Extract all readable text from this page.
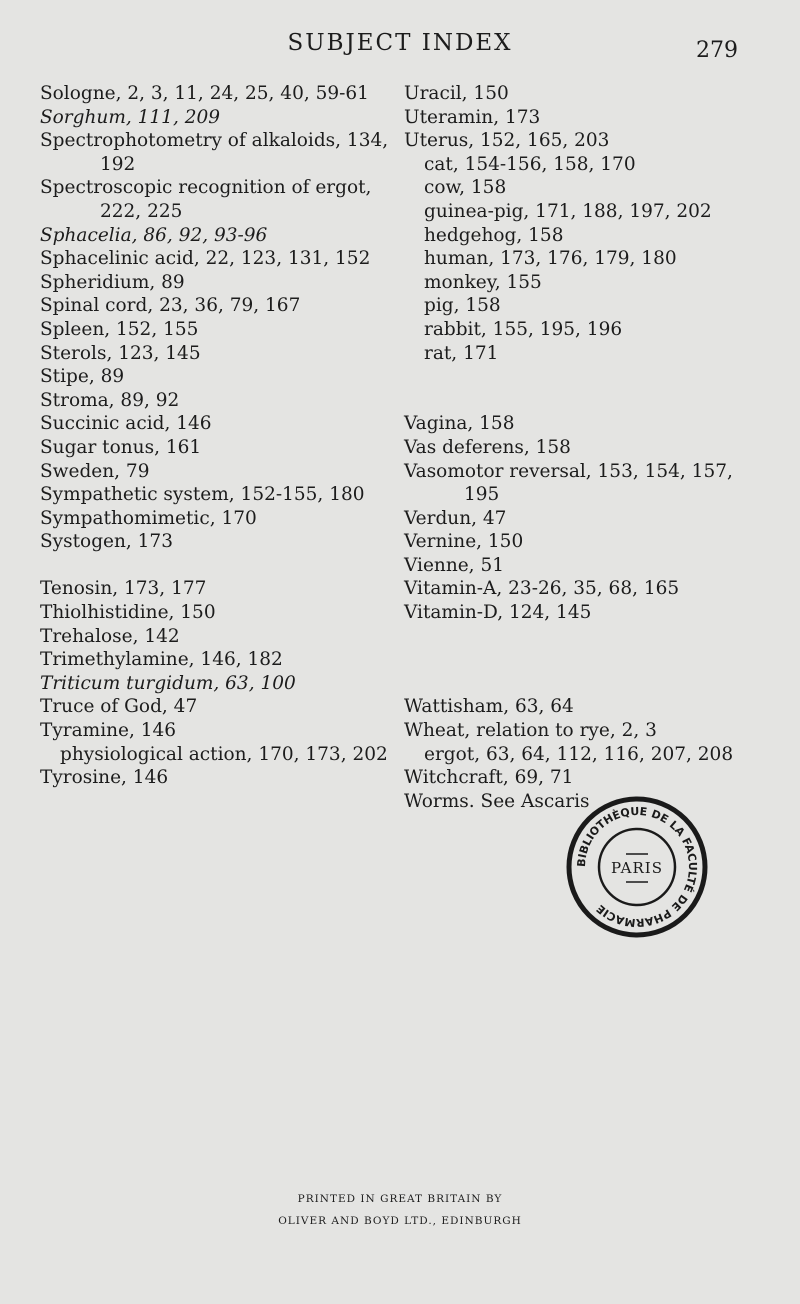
SUBJECT INDEX	279
Sologne, 2, 3, 11, 24, 25, 40, 59-61
Sorghum, 111, 209
Spectrophotometry of alkaloids, 134,
192
Spectroscopic recognition of ergot,
222, 225
Sphacelia, 86, 92, 93-96
Sphacelinic acid, 22, 123, 131, 152
Spheridium, 89
Spinal cord, 23, 36, 79, 167
Spleen, 152, 155
Sterols, 123, 145
Stipe, 89
Stroma, 89, 92
Succinic acid, 146
Sugar tonus, 161
Sweden, 79
Sympathetic system, 152-155, 180
Sympathomimetic, 170
Systogen, 173
Tenosin, 173, 177
Thiolhistidine, 150
Trehalose, 142
Trimethylamine, 146, 182
Triticum turgidum, 63, 100
Truce of God, 47
Tyramine, 146
physiological action, 170, 173, 202
Tyrosine, 146
Uracil, 150
Uteramin, 173
Uterus, 152, 165, 203
cat, 154-156, 158, 170
cow, 158
guinea-pig, 171, 188, 197, 202
hedgehog, 158
human, 173, 176, 179, 180
monkey, 155
pig, 158
rabbit, 155, 195, 196
rat, 171
Vagina, 158
Vas deferens, 158
Vasomotor reversal, 153, 154, 157,
195
Verdun, 47
Vernine, 150
Vienne, 51
Vitamin-A, 23-26, 35, 68, 165
Vitamin-D, 124, 145
Wattisham, 63, 64
Wheat, relation to rye, 2, 3
ergot, 63, 64, 112, 116, 207, 208
Witchcraft, 69, 71
Worms. See Ascaris
BIBLIOTHÈQUE DE LA FACULTÉ DE PHARMACIE
PARIS
PRINTED IN GREAT BRITAIN BY
OLIVER AND BOYD LTD., EDINBURGH
